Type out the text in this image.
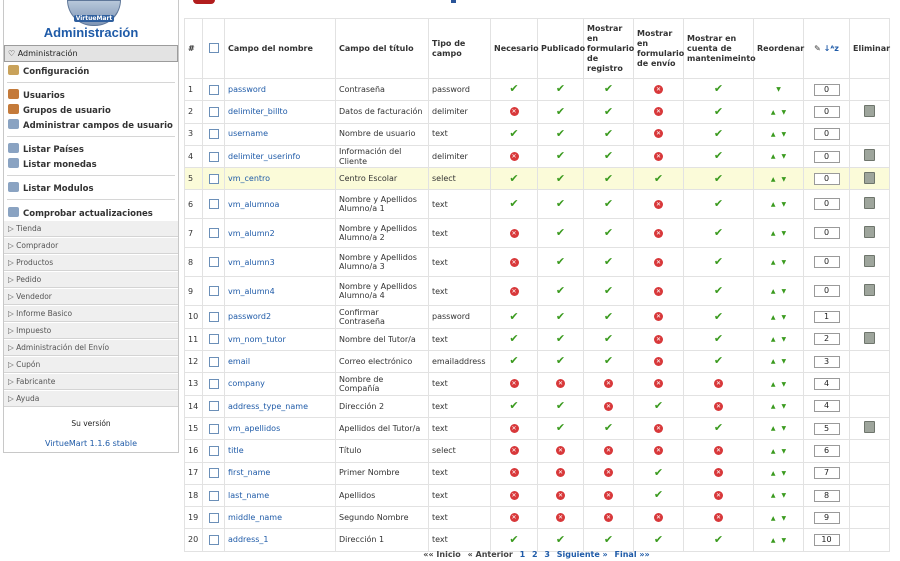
VirtueMart
Administración
♡ Administración
Configuración
Usuarios
Grupos de usuario
Administrar campos de usuario
Listar Países
Listar monedas
Listar Modulos
Comprobar actualizaciones
▷ Tienda
▷ Comprador
▷ Productos
▷ Pedido
▷ Vendedor
▷ Informe Basico
▷ Impuesto
▷ Administración del Envío
▷ Cupón
▷ Fabricante
▷ Ayuda
Su versión
VirtueMart 1.1.6 stable
#		Campo del nombre	Campo del título	Tipo de campo	Necesario	Publicado	Mostrar en formulario de registro	Mostrar en formulario de envío	Mostrar en cuenta de mantenimeinto	Reordenar	✎ ↓ᴬz	Eliminar
1		password	Contraseña	password	✔	✔	✔	✕	✔	▼	0	
2		delimiter_billto	Datos de facturación	delimiter	✕	✔	✔	✕	✔	▲ ▼	0	
3		username	Nombre de usuario	text	✔	✔	✔	✕	✔	▲ ▼	0	
4		delimiter_userinfo	Información del Cliente	delimiter	✕	✔	✔	✕	✔	▲ ▼	0	
5		vm_centro	Centro Escolar	select	✔	✔	✔	✔	✔	▲ ▼	0	
6		vm_alumnoa	Nombre y Apellidos Alumno/a 1	text	✔	✔	✔	✕	✔	▲ ▼	0	
7		vm_alumn2	Nombre y Apellidos Alumno/a 2	text	✕	✔	✔	✕	✔	▲ ▼	0	
8		vm_alumn3	Nombre y Apellidos Alumno/a 3	text	✕	✔	✔	✕	✔	▲ ▼	0	
9		vm_alumn4	Nombre y Apellidos Alumno/a 4	text	✕	✔	✔	✕	✔	▲ ▼	0	
10		password2	Confirmar Contraseña	password	✔	✔	✔	✕	✔	▲ ▼	1	
11		vm_nom_tutor	Nombre del Tutor/a	text	✔	✔	✔	✕	✔	▲ ▼	2	
12		email	Correo electrónico	emailaddress	✔	✔	✔	✕	✔	▲ ▼	3	
13		company	Nombre de Compañía	text	✕	✕	✕	✕	✕	▲ ▼	4	
14		address_type_name	Dirección 2	text	✔	✔	✕	✔	✕	▲ ▼	4	
15		vm_apellidos	Apellidos del Tutor/a	text	✕	✔	✔	✕	✔	▲ ▼	5	
16		title	Título	select	✕	✕	✕	✕	✕	▲ ▼	6	
17		first_name	Primer Nombre	text	✕	✕	✕	✔	✕	▲ ▼	7	
18		last_name	Apellidos	text	✕	✕	✕	✔	✕	▲ ▼	8	
19		middle_name	Segundo Nombre	text	✕	✕	✕	✕	✕	▲ ▼	9	
20		address_1	Dirección 1	text	✔	✔	✔	✔	✔	▲ ▼	10	
«« Inicio « Anterior 1 2 3 Siguiente » Final »»
